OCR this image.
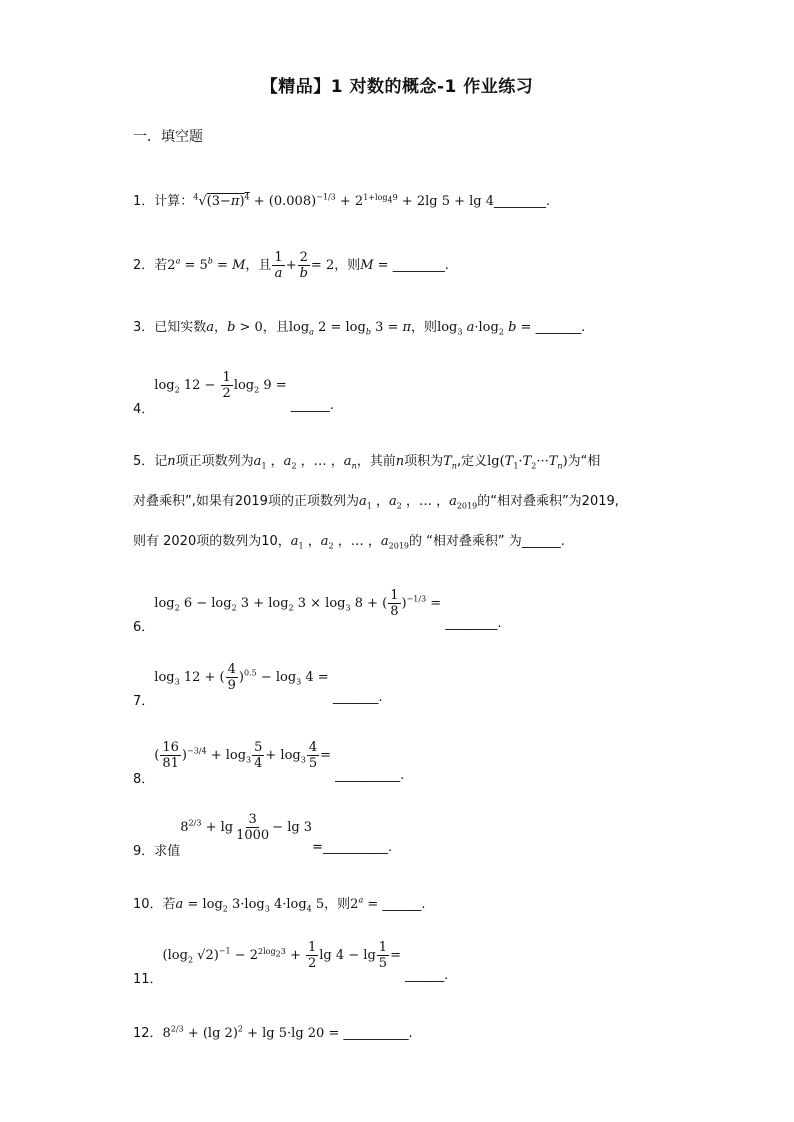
【精品】1 对数的概念-1 作业练习
一．填空题
1．计算：$^4√(3-\pi)^4 + (0.008)^{-1/3} + 2^{1+log_49} + 2\lg$ 5 + lg 4________.
2．若$2^a = 5^b = M$，且 $\frac{1}{a} + \frac{2}{b} = 2$，则M = ________.
3．已知实数a，b > 0，且$\log_a 2 = \log_b 3 = \pi$，则$\log_3 a\cdot\log_2$ b = _______.
4．$\log_2 12 - \frac{1}{2} \log_2 9$ = ______.
5．记n项正项数列为$a_1$ ，$a_2$ ，… ，$a_n$，其前n项积为$T_n$,定义$\lg(T_1\cdot T_2\cdot\cdot\cdot T_n)$为“相
对叠乘积”,如果有2019项的正项数列为$a_1$ ，$a_2$ ，… ，$a_{2019}$的“相对叠乘积”为2019,
则有 2020项的数列为10，$a_1$ ，$a_2$ ，… ，$a_{2019}$的 “相对叠乘积” 为______.
6．$\log_2 6 - \log_2 3 + \log_2 3 \times \log_3 8$ + ( $\frac{1}{8} )^{-1/3}$ = ________.
7．$\log_3 12$ + ( $\frac{4}{9} )^{0.5} - \log_3 4$ = _______.
8．( $\frac{16}{81} )^{-3/4} + \log_3 \frac{5}{4} + \log_3 \frac{4}{5}$ = __________.
9．求值$8^{2/3} + \lg \frac{3}{1000} - \lg$ 3=__________.
10．若$a = \log_2 3\cdot\log_3$ $4\cdot\log_4$ 5，则$2^a$ = ______.
11．($\log_2$ $√2)^{-1} - 2^{2log_23} + \frac{1}{2}$ $\lg 4 - \lg \frac{1}{5}$ = ______.
12．$8^{2/3} + (\lg$ 2)$^2$ + lg 5·lg 20 = __________.
